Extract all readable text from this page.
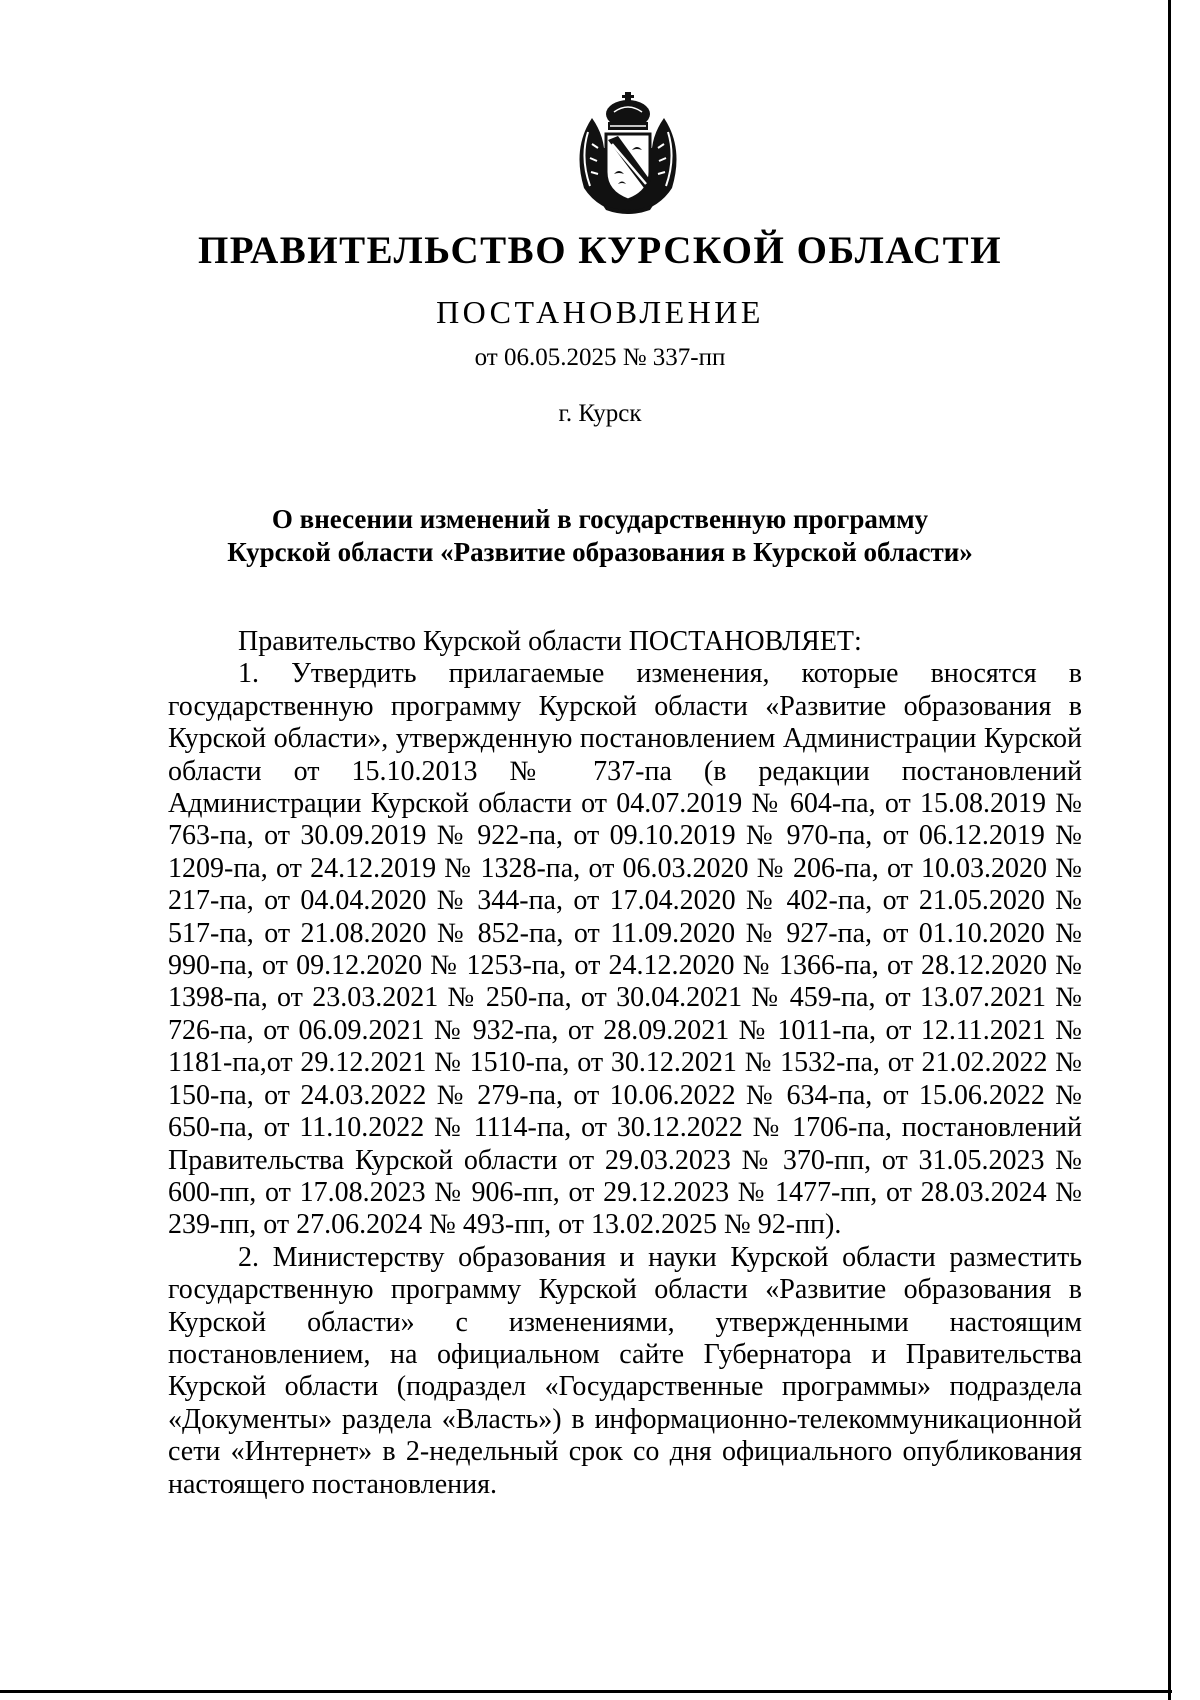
ПРАВИТЕЛЬСТВО КУРСКОЙ ОБЛАСТИ
ПОСТАНОВЛЕНИЕ
от 06.05.2025 № 337-пп
г. Курск
О внесении изменений в государственную программу
Курской области «Развитие образования в Курской области»

Правительство Курской области ПОСТАНОВЛЯЕТ:

1. Утвердить прилагаемые изменения, которые вносятся в государственную программу Курской области «Развитие образования в Курской области», утвержденную постановлением Администрации Курской области от 15.10.2013 № 737-па (в редакции постановлений Администрации Курской области от 04.07.2019 № 604-па, от 15.08.2019 № 763-па, от 30.09.2019 № 922-па, от 09.10.2019 № 970-па, от 06.12.2019 № 1209-па, от 24.12.2019 № 1328-па, от 06.03.2020 № 206-па, от 10.03.2020 № 217-па, от 04.04.2020 № 344-па, от 17.04.2020 № 402-па, от 21.05.2020 № 517-па, от 21.08.2020 № 852-па, от 11.09.2020 № 927-па, от 01.10.2020 № 990-па, от 09.12.2020 № 1253-па, от 24.12.2020 № 1366-па, от 28.12.2020 № 1398-па, от 23.03.2021 № 250-па, от 30.04.2021 № 459-па, от 13.07.2021 № 726-па, от 06.09.2021 № 932-па, от 28.09.2021 № 1011-па, от 12.11.2021 № 1181-па,от 29.12.2021 № 1510-па, от 30.12.2021 № 1532-па, от 21.02.2022 № 150-па, от 24.03.2022 № 279-па, от 10.06.2022 № 634-па, от 15.06.2022 № 650-па, от 11.10.2022 № 1114-па, от 30.12.2022 № 1706-па, постановлений Правительства Курской области от 29.03.2023 № 370-пп, от 31.05.2023 № 600-пп, от 17.08.2023 № 906-пп, от 29.12.2023 № 1477-пп, от 28.03.2024 № 239-пп, от 27.06.2024 № 493-пп, от 13.02.2025 № 92-пп).

2. Министерству образования и науки Курской области разместить государственную программу Курской области «Развитие образования в Курской области» с изменениями, утвержденными настоящим постановлением, на официальном сайте Губернатора и Правительства Курской области (подраздел «Государственные программы» подраздела «Документы» раздела «Власть») в информационно-телекоммуникационной сети «Интернет» в 2-недельный срок со дня официального опубликования настоящего постановления.
